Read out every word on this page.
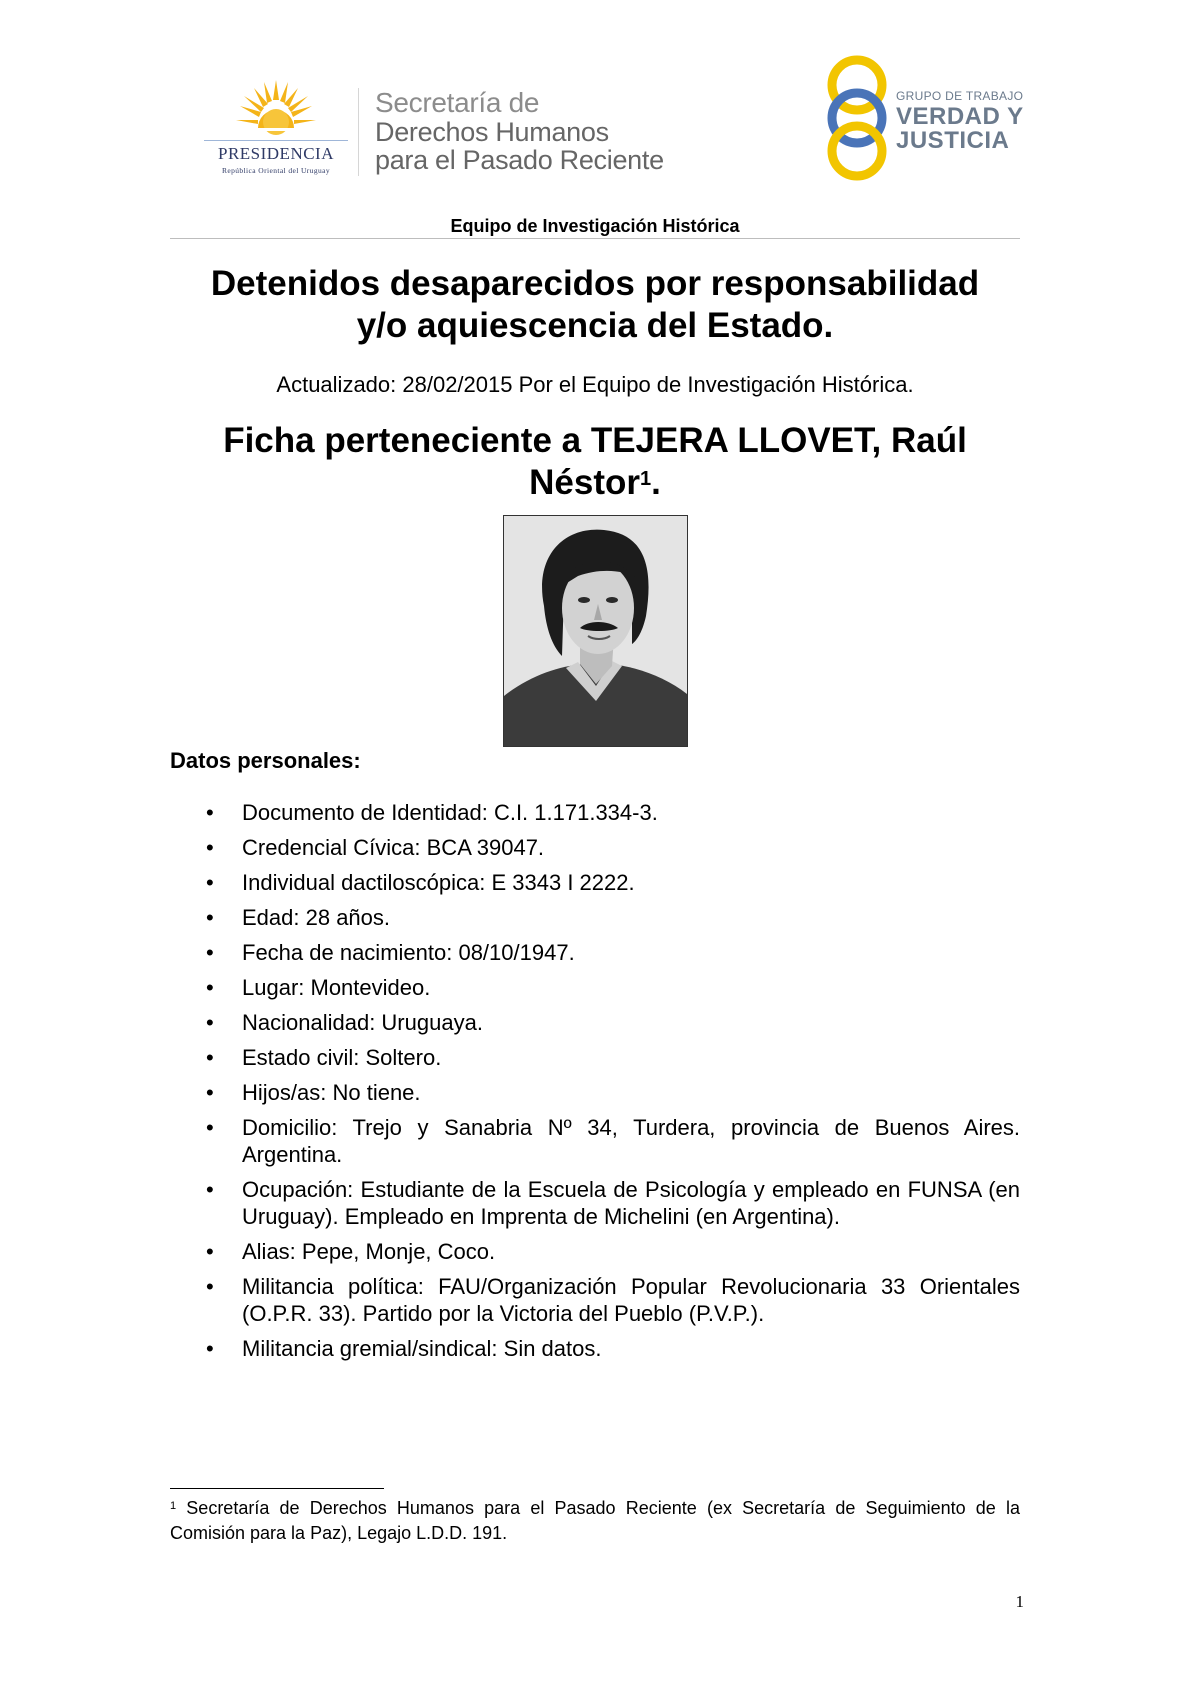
PRESIDENCIA
República Oriental del Uruguay
Secretaría de
Derechos Humanos
para el Pasado Reciente
GRUPO DE TRABAJO
VERDAD Y
JUSTICIA
Equipo de Investigación Histórica
Detenidos desaparecidos por responsabilidad
y/o aquiescencia del Estado.
Actualizado: 28/02/2015 Por el Equipo de Investigación Histórica.
Ficha perteneciente a TEJERA LLOVET, Raúl
Néstor$^1$.
Datos personales:
• Documento de Identidad: C.I. 1.171.334-3.
• Credencial Cívica: BCA 39047.
• Individual dactiloscópica: E 3343 I 2222.
• Edad: 28 años.
• Fecha de nacimiento: 08/10/1947.
• Lugar: Montevideo.
• Nacionalidad: Uruguaya.
• Estado civil: Soltero.
• Hijos/as: No tiene.
• Domicilio: Trejo y Sanabria Nº 34, Turdera, provincia de Buenos Aires. Argentina.
• Ocupación: Estudiante de la Escuela de Psicología y empleado en FUNSA (en Uruguay). Empleado en Imprenta de Michelini (en Argentina).
• Alias: Pepe, Monje, Coco.
• Militancia política: FAU/Organización Popular Revolucionaria 33 Orientales (O.P.R. 33). Partido por la Victoria del Pueblo (P.V.P.).
• Militancia gremial/sindical: Sin datos.
$^1$ Secretaría de Derechos Humanos para el Pasado Reciente (ex Secretaría de Seguimiento de la Comisión para la Paz), Legajo L.D.D. 191.
1
